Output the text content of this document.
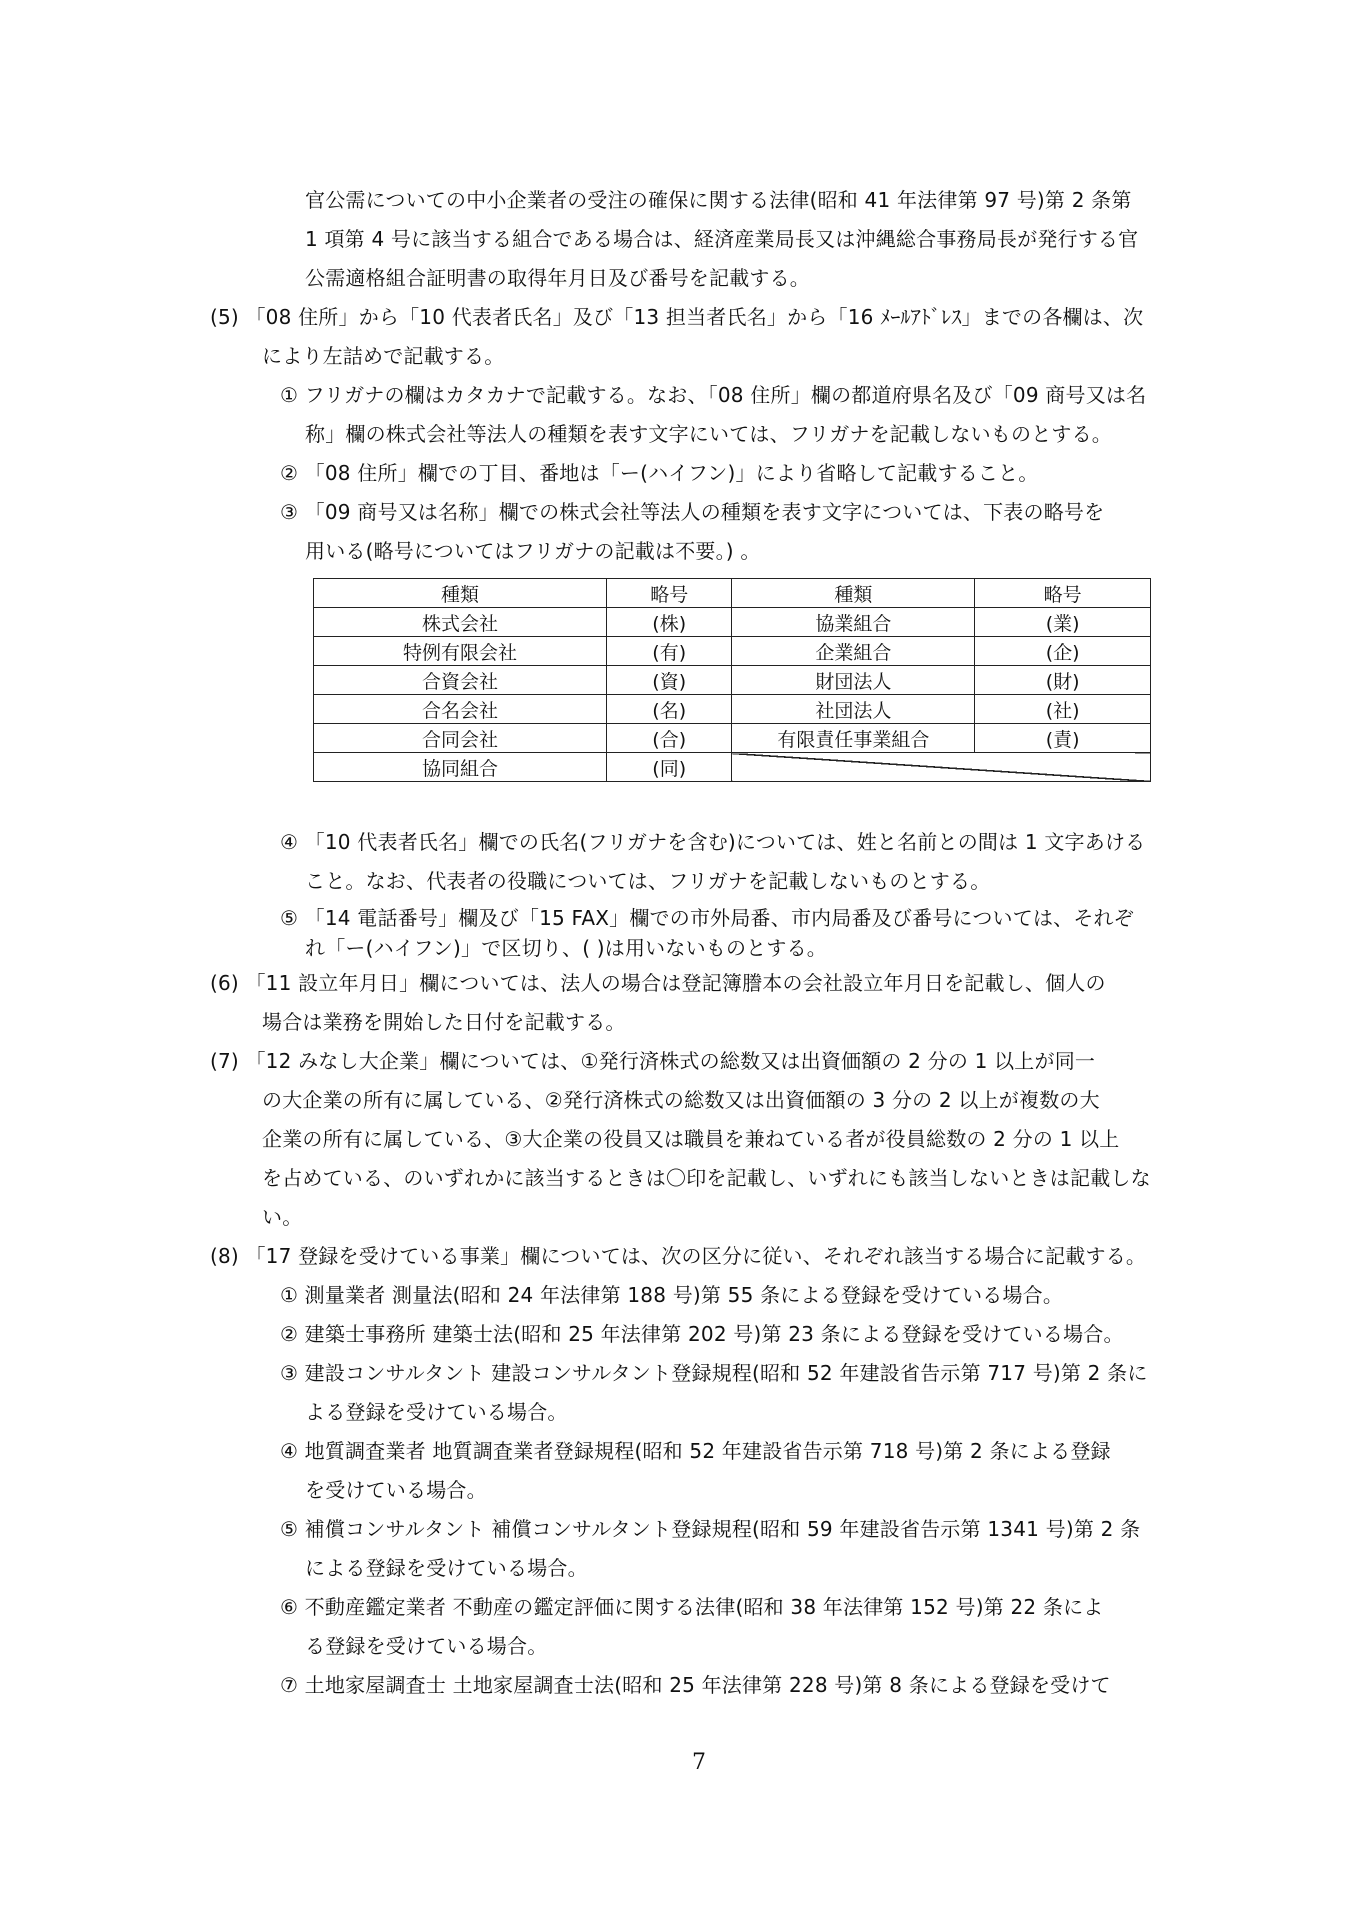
官公需についての中小企業者の受注の確保に関する法律(昭和 41 年法律第 97 号)第 2 条第
1 項第 4 号に該当する組合である場合は、経済産業局長又は沖縄総合事務局長が発行する官
公需適格組合証明書の取得年月日及び番号を記載する。
(5) 「08 住所」から「10 代表者氏名」及び「13 担当者氏名」から「16 ﾒｰﾙｱﾄﾞﾚｽ」までの各欄は、次
により左詰めで記載する。
① フリガナの欄はカタカナで記載する。なお、「08 住所」欄の都道府県名及び「09 商号又は名
称」欄の株式会社等法人の種類を表す文字にいては、フリガナを記載しないものとする。
② 「08 住所」欄での丁目、番地は「ー(ハイフン)」により省略して記載すること。
③ 「09 商号又は名称」欄での株式会社等法人の種類を表す文字については、下表の略号を
用いる(略号についてはフリガナの記載は不要。) 。
④ 「10 代表者氏名」欄での氏名(フリガナを含む)については、姓と名前との間は 1 文字あける
こと。なお、代表者の役職については、フリガナを記載しないものとする。
⑤ 「14 電話番号」欄及び「15 FAX」欄での市外局番、市内局番及び番号については、それぞ
れ「ー(ハイフン)」で区切り、( )は用いないものとする。
(6) 「11 設立年月日」欄については、法人の場合は登記簿謄本の会社設立年月日を記載し、個人の
場合は業務を開始した日付を記載する。
(7) 「12 みなし大企業」欄については、①発行済株式の総数又は出資価額の 2 分の 1 以上が同一
の大企業の所有に属している、②発行済株式の総数又は出資価額の 3 分の 2 以上が複数の大
企業の所有に属している、③大企業の役員又は職員を兼ねている者が役員総数の 2 分の 1 以上
を占めている、のいずれかに該当するときは〇印を記載し、いずれにも該当しないときは記載しな
い。
(8) 「17 登録を受けている事業」欄については、次の区分に従い、それぞれ該当する場合に記載する。
① 測量業者 測量法(昭和 24 年法律第 188 号)第 55 条による登録を受けている場合。
② 建築士事務所 建築士法(昭和 25 年法律第 202 号)第 23 条による登録を受けている場合。
③ 建設コンサルタント 建設コンサルタント登録規程(昭和 52 年建設省告示第 717 号)第 2 条に
よる登録を受けている場合。
④ 地質調査業者 地質調査業者登録規程(昭和 52 年建設省告示第 718 号)第 2 条による登録
を受けている場合。
⑤ 補償コンサルタント 補償コンサルタント登録規程(昭和 59 年建設省告示第 1341 号)第 2 条
による登録を受けている場合。
⑥ 不動産鑑定業者 不動産の鑑定評価に関する法律(昭和 38 年法律第 152 号)第 22 条によ
る登録を受けている場合。
⑦ 土地家屋調査士 土地家屋調査士法(昭和 25 年法律第 228 号)第 8 条による登録を受けて
種類	略号	種類	略号
株式会社	(株)	協業組合	(業)
特例有限会社	(有)	企業組合	(企)
合資会社	(資)	財団法人	(財)
合名会社	(名)	社団法人	(社)
合同会社	(合)	有限責任事業組合	(責)
協同組合	(同)		
7
